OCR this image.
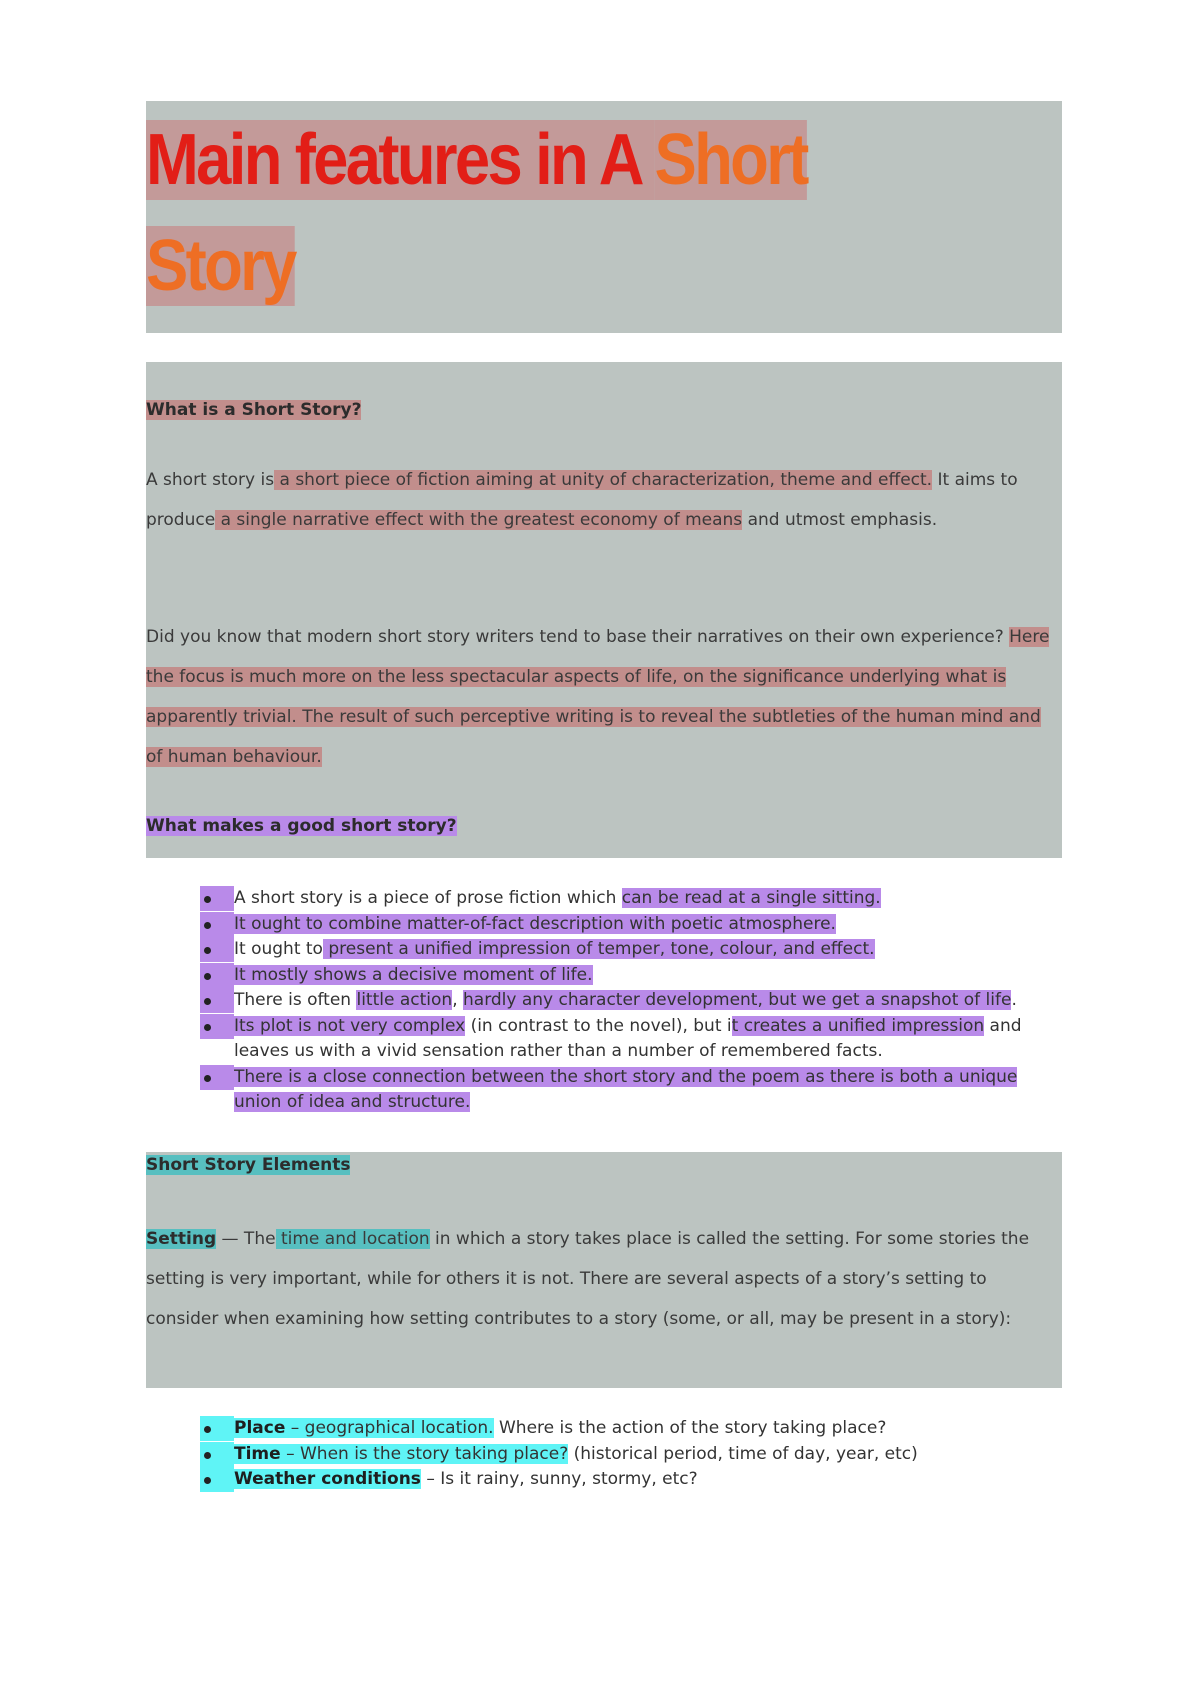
Main features in A Short
Story
What is a Short Story?

A short story is a short piece of fiction aiming at unity of characterization, theme and effect. It aims to produce a single narrative effect with the greatest economy of means and utmost emphasis.

Did you know that modern short story writers tend to base their narratives on their own experience? Here the focus is much more on the less spectacular aspects of life, on the significance underlying what is apparently trivial. The result of such perceptive writing is to reveal the subtleties of the human mind and of human behaviour.

What makes a good short story?
A short story is a piece of prose fiction which can be read at a single sitting.
It ought to combine matter-of-fact description with poetic atmosphere.
It ought to present a unified impression of temper, tone, colour, and effect.
It mostly shows a decisive moment of life.
There is often little action, hardly any character development, but we get a snapshot of life.
Its plot is not very complex (in contrast to the novel), but it creates a unified impression and leaves us with a vivid sensation rather than a number of remembered facts.
There is a close connection between the short story and the poem as there is both a unique union of idea and structure.
Short Story Elements

Setting — The time and location in which a story takes place is called the setting. For some stories the setting is very important, while for others it is not. There are several aspects of a story’s setting to consider when examining how setting contributes to a story (some, or all, may be present in a story):

Place – geographical location. Where is the action of the story taking place?
Time – When is the story taking place? (historical period, time of day, year, etc)
Weather conditions – Is it rainy, sunny, stormy, etc?
